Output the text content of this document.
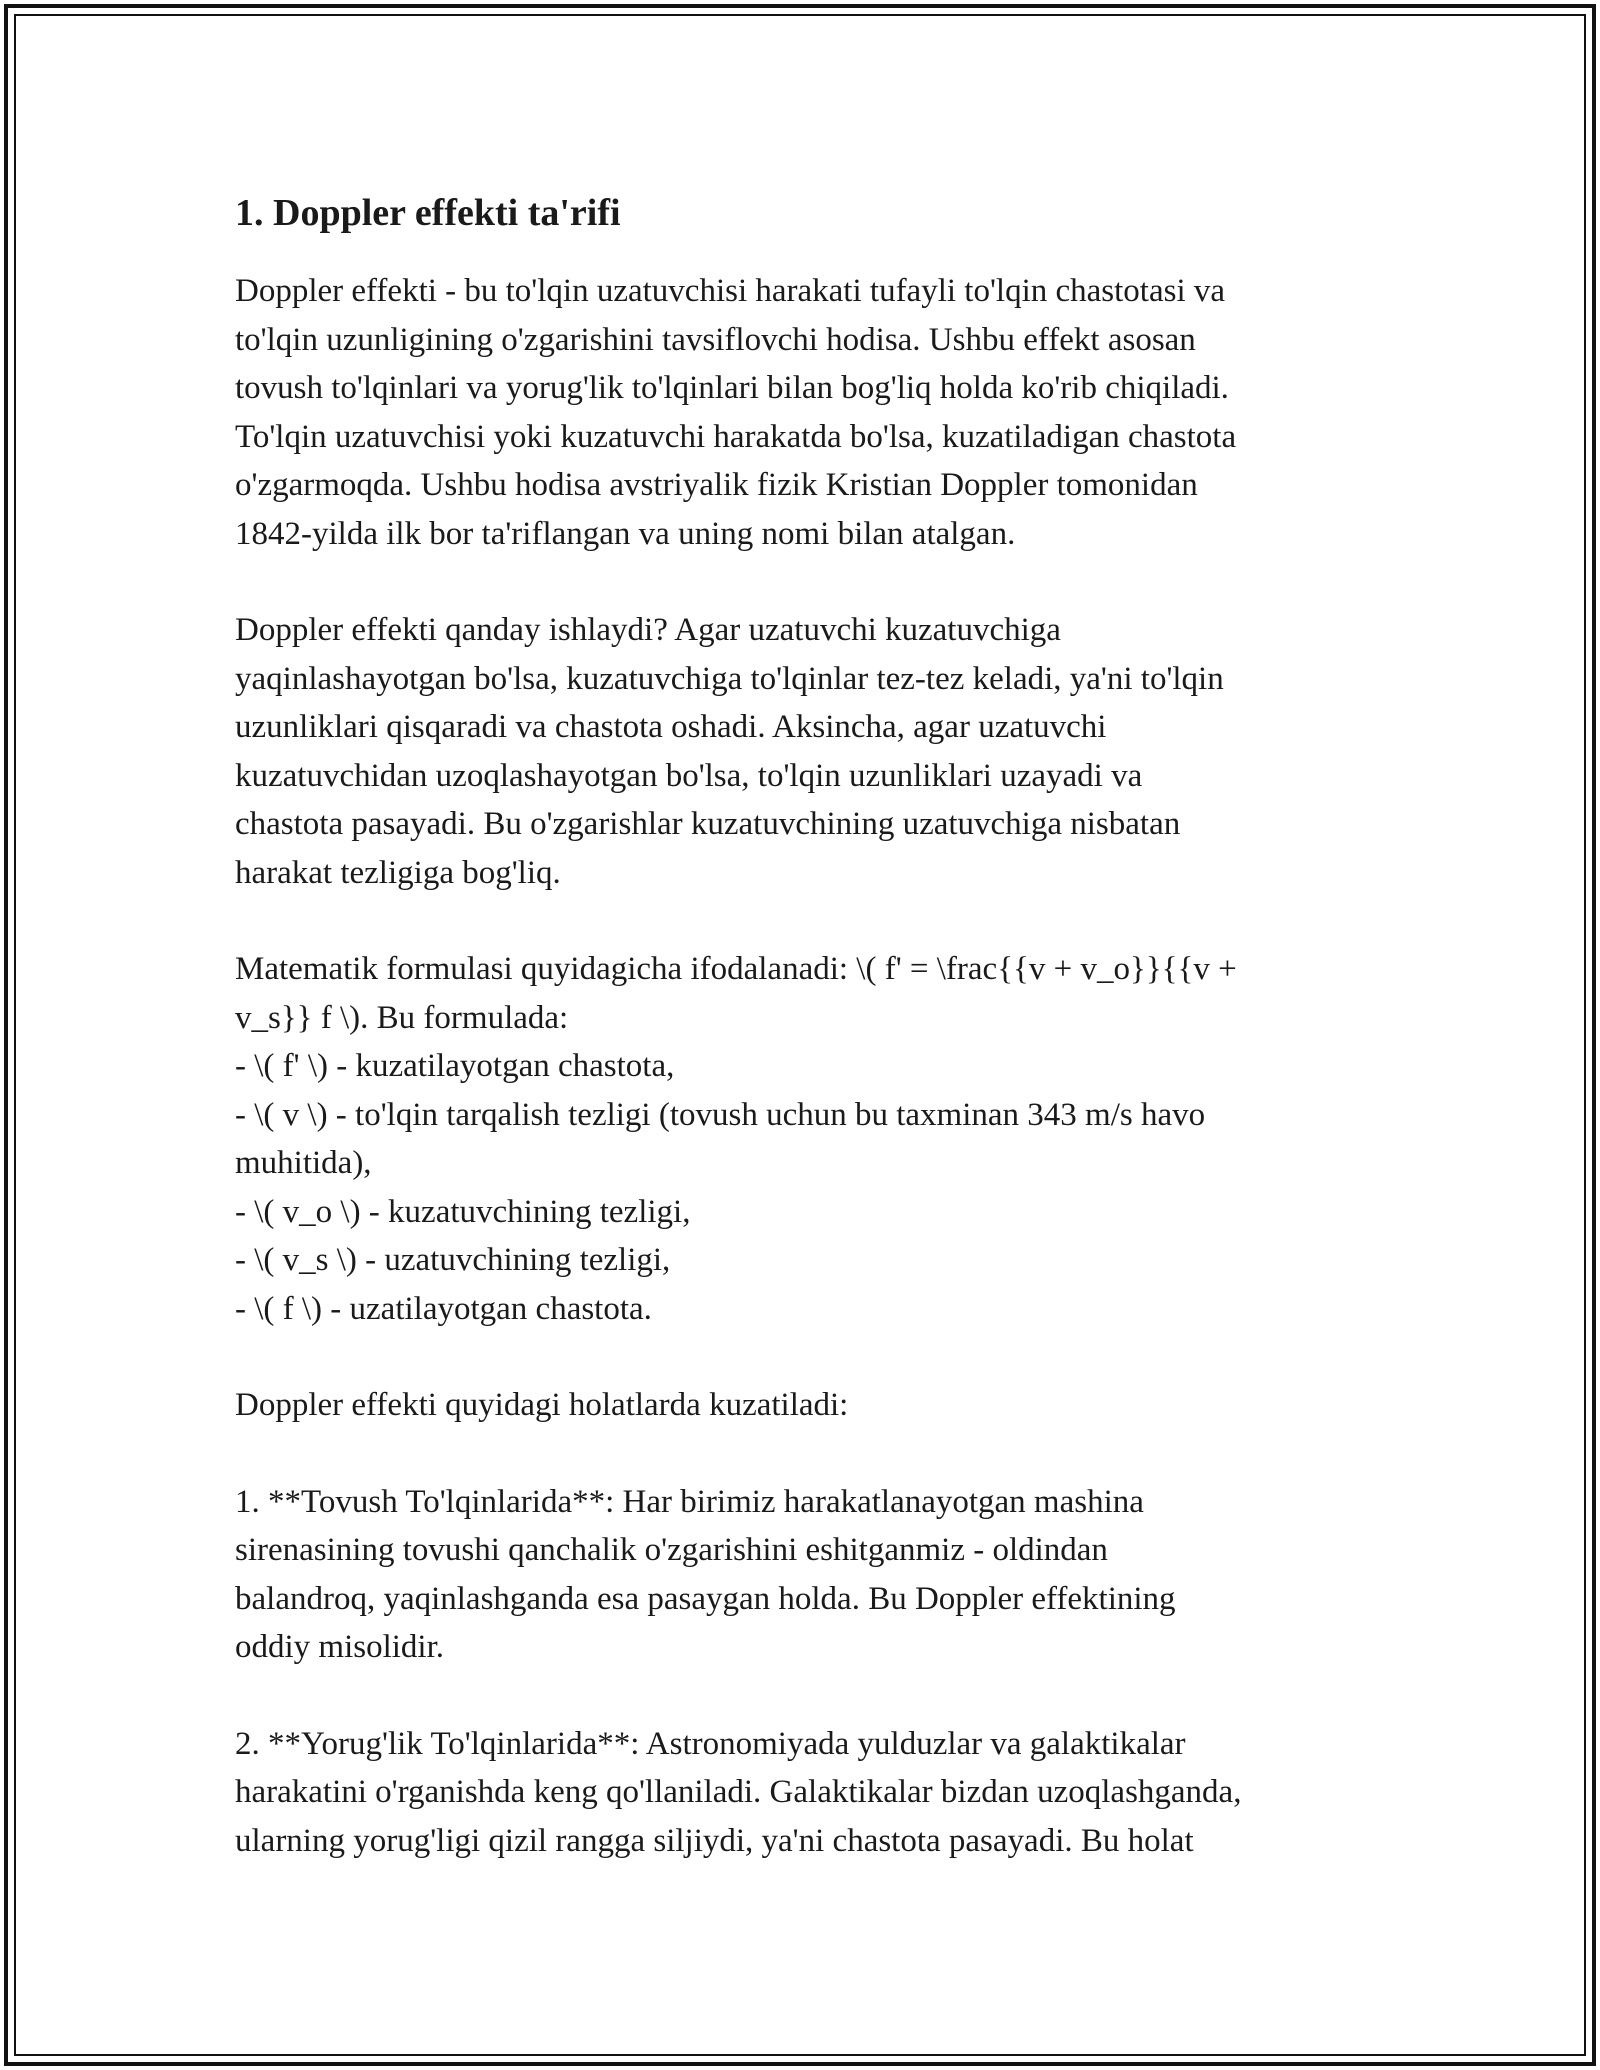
1. Doppler effekti ta'rifi
Doppler effekti - bu to'lqin uzatuvchisi harakati tufayli to'lqin chastotasi va
to'lqin uzunligining o'zgarishini tavsiflovchi hodisa. Ushbu effekt asosan
tovush to'lqinlari va yorug'lik to'lqinlari bilan bog'liq holda ko'rib chiqiladi.
To'lqin uzatuvchisi yoki kuzatuvchi harakatda bo'lsa, kuzatiladigan chastota
o'zgarmoqda. Ushbu hodisa avstriyalik fizik Kristian Doppler tomonidan
1842-yilda ilk bor ta'riflangan va uning nomi bilan atalgan.
Doppler effekti qanday ishlaydi? Agar uzatuvchi kuzatuvchiga
yaqinlashayotgan bo'lsa, kuzatuvchiga to'lqinlar tez-tez keladi, ya'ni to'lqin
uzunliklari qisqaradi va chastota oshadi. Aksincha, agar uzatuvchi
kuzatuvchidan uzoqlashayotgan bo'lsa, to'lqin uzunliklari uzayadi va
chastota pasayadi. Bu o'zgarishlar kuzatuvchining uzatuvchiga nisbatan
harakat tezligiga bog'liq.
Matematik formulasi quyidagicha ifodalanadi: \( f' = \frac{{v + v_o}}{{v +
v_s}} f \). Bu formulada:
- \( f' \) - kuzatilayotgan chastota,
- \( v \) - to'lqin tarqalish tezligi (tovush uchun bu taxminan 343 m/s havo
muhitida),
- \( v_o \) - kuzatuvchining tezligi,
- \( v_s \) - uzatuvchining tezligi,
- \( f \) - uzatilayotgan chastota.
Doppler effekti quyidagi holatlarda kuzatiladi:
1. **Tovush To'lqinlarida**: Har birimiz harakatlanayotgan mashina
sirenasining tovushi qanchalik o'zgarishini eshitganmiz - oldindan
balandroq, yaqinlashganda esa pasaygan holda. Bu Doppler effektining
oddiy misolidir.
2. **Yorug'lik To'lqinlarida**: Astronomiyada yulduzlar va galaktikalar
harakatini o'rganishda keng qo'llaniladi. Galaktikalar bizdan uzoqlashganda,
ularning yorug'ligi qizil rangga siljiydi, ya'ni chastota pasayadi. Bu holat
